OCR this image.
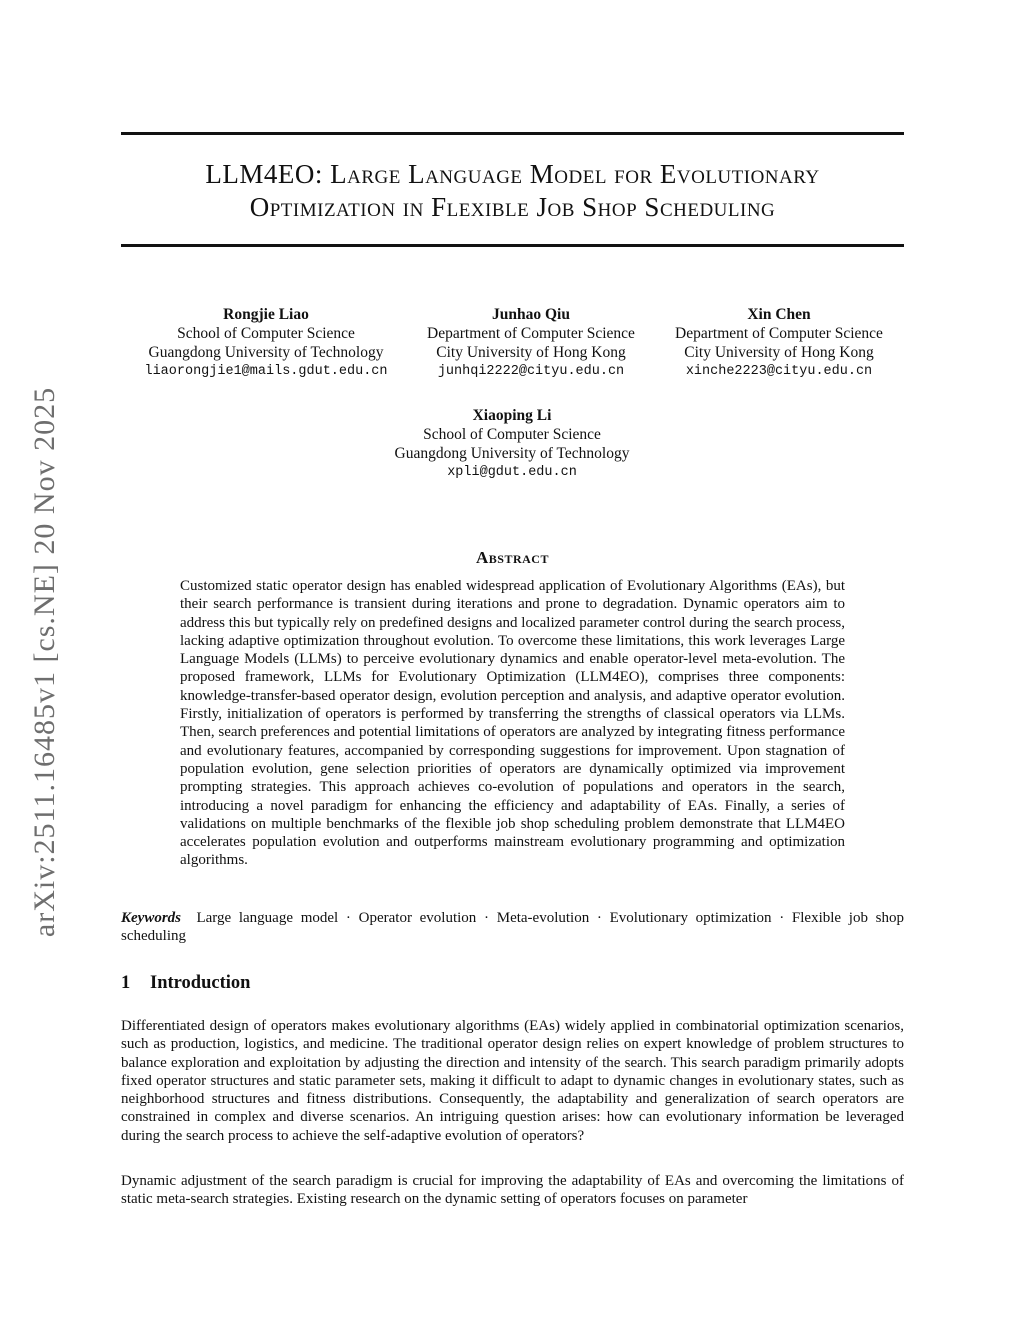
arXiv:2511.16485v1 [cs.NE] 20 Nov 2025
LLM4EO: Large Language Model for Evolutionary
Optimization in Flexible Job Shop Scheduling
Rongjie Liao
School of Computer Science
Guangdong University of Technology
liaorongjie1@mails.gdut.edu.cn
Junhao Qiu
Department of Computer Science
City University of Hong Kong
junhqi2222@cityu.edu.cn
Xin Chen
Department of Computer Science
City University of Hong Kong
xinche2223@cityu.edu.cn
Xiaoping Li
School of Computer Science
Guangdong University of Technology
xpli@gdut.edu.cn
Abstract
Customized static operator design has enabled widespread application of Evolutionary Algorithms (EAs), but their search performance is transient during iterations and prone to degradation. Dynamic operators aim to address this but typically rely on predefined designs and localized parameter control during the search process, lacking adaptive optimization throughout evolution. To overcome these limitations, this work leverages Large Language Models (LLMs) to perceive evolutionary dynamics and enable operator-level meta-evolution. The proposed framework, LLMs for Evolutionary Optimization (LLM4EO), comprises three components: knowledge-transfer-based operator design, evolution perception and analysis, and adaptive operator evolution. Firstly, initialization of operators is performed by transferring the strengths of classical operators via LLMs. Then, search preferences and potential limitations of operators are analyzed by integrating fitness performance and evolutionary features, accompanied by corresponding suggestions for improvement. Upon stagnation of population evolution, gene selection priorities of operators are dynamically optimized via improvement prompting strategies. This approach achieves co-evolution of populations and operators in the search, introducing a novel paradigm for enhancing the efficiency and adaptability of EAs. Finally, a series of validations on multiple benchmarks of the flexible job shop scheduling problem demonstrate that LLM4EO accelerates population evolution and outperforms mainstream evolutionary programming and optimization algorithms.
Keywords Large language model · Operator evolution · Meta-evolution · Evolutionary optimization · Flexible job shop scheduling
1 Introduction

Differentiated design of operators makes evolutionary algorithms (EAs) widely applied in combinatorial optimization scenarios, such as production, logistics, and medicine. The traditional operator design relies on expert knowledge of problem structures to balance exploration and exploitation by adjusting the direction and intensity of the search. This search paradigm primarily adopts fixed operator structures and static parameter sets, making it difficult to adapt to dynamic changes in evolutionary states, such as neighborhood structures and fitness distributions. Consequently, the adaptability and generalization of search operators are constrained in complex and diverse scenarios. An intriguing question arises: how can evolutionary information be leveraged during the search process to achieve the self-adaptive evolution of operators?

Dynamic adjustment of the search paradigm is crucial for improving the adaptability of EAs and overcoming the limitations of static meta-search strategies. Existing research on the dynamic setting of operators focuses on parameter
